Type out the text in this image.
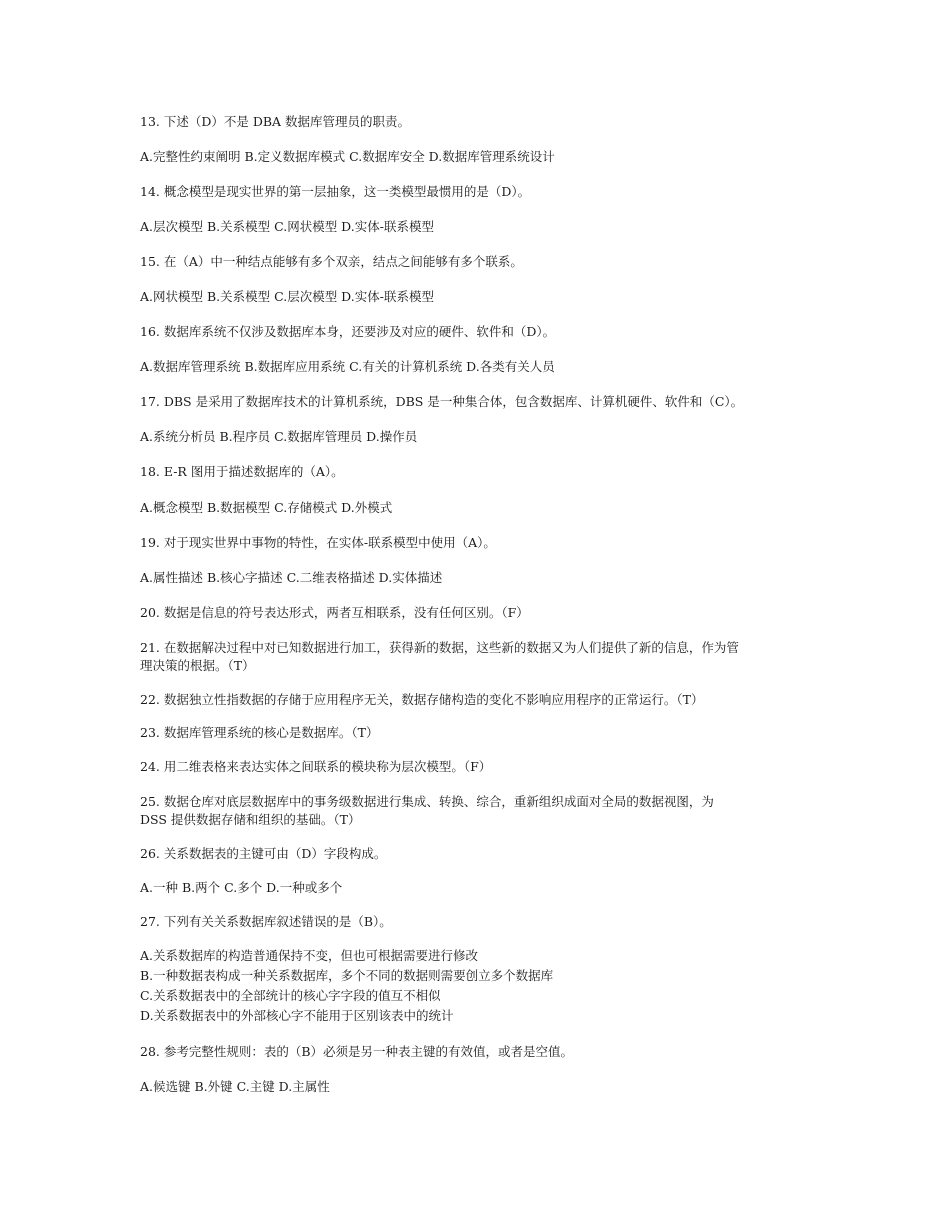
13. 下述（D）不是 DBA 数据库管理员的职责。
A.完整性约束阐明 B.定义数据库模式 C.数据库安全 D.数据库管理系统设计
14. 概念模型是现实世界的第一层抽象，这一类模型最惯用的是（D）。
A.层次模型 B.关系模型 C.网状模型 D.实体-联系模型
15. 在（A）中一种结点能够有多个双亲，结点之间能够有多个联系。
A.网状模型 B.关系模型 C.层次模型 D.实体-联系模型
16. 数据库系统不仅涉及数据库本身，还要涉及对应的硬件、软件和（D）。
A.数据库管理系统 B.数据库应用系统 C.有关的计算机系统 D.各类有关人员
17. DBS 是采用了数据库技术的计算机系统，DBS 是一种集合体，包含数据库、计算机硬件、软件和（C）。
A.系统分析员 B.程序员 C.数据库管理员 D.操作员
18. E-R 图用于描述数据库的（A）。
A.概念模型 B.数据模型 C.存储模式 D.外模式
19. 对于现实世界中事物的特性，在实体-联系模型中使用（A）。
A.属性描述 B.核心字描述 C.二维表格描述 D.实体描述
20. 数据是信息的符号表达形式，两者互相联系，没有任何区别。（F）
21. 在数据解决过程中对已知数据进行加工，获得新的数据，这些新的数据又为人们提供了新的信息，作为管
理决策的根据。（T）
22. 数据独立性指数据的存储于应用程序无关，数据存储构造的变化不影响应用程序的正常运行。（T）
23. 数据库管理系统的核心是数据库。（T）
24. 用二维表格来表达实体之间联系的模块称为层次模型。（F）
25. 数据仓库对底层数据库中的事务级数据进行集成、转换、综合，重新组织成面对全局的数据视图，为
DSS 提供数据存储和组织的基础。（T）
26. 关系数据表的主键可由（D）字段构成。
A.一种 B.两个 C.多个 D.一种或多个
27. 下列有关关系数据库叙述错误的是（B）。
A.关系数据库的构造普通保持不变，但也可根据需要进行修改
B.一种数据表构成一种关系数据库，多个不同的数据则需要创立多个数据库
C.关系数据表中的全部统计的核心字字段的值互不相似
D.关系数据表中的外部核心字不能用于区别该表中的统计
28. 参考完整性规则：表的（B）必须是另一种表主键的有效值，或者是空值。
A.候选键 B.外键 C.主键 D.主属性
